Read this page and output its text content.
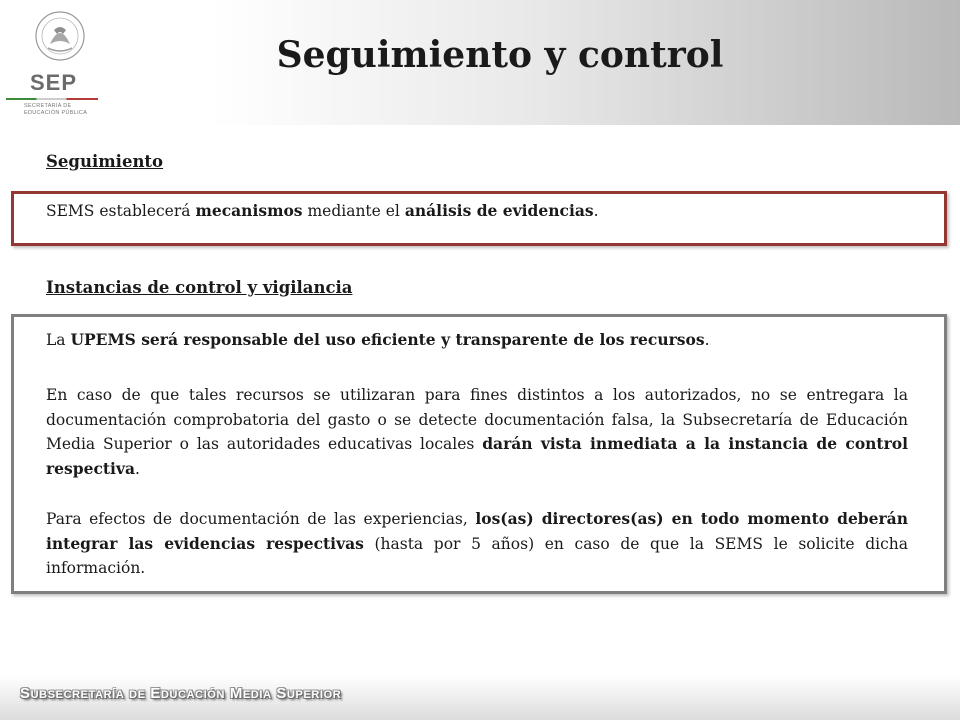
SEP
SECRETARÍA DE
EDUCACIÓN PÚBLICA
Seguimiento y control
Seguimiento
SEMS establecerá mecanismos mediante el análisis de evidencias.
Instancias de control y vigilancia
La UPEMS será responsable del uso eficiente y transparente de los recursos.
En caso de que tales recursos se utilizaran para fines distintos a los autorizados, no se entregara la documentación comprobatoria del gasto o se detecte documentación falsa, la Subsecretaría de Educación Media Superior o las autoridades educativas locales darán vista inmediata a la instancia de control respectiva.
Para efectos de documentación de las experiencias, los(as) directores(as) en todo momento deberán integrar las evidencias respectivas (hasta por 5 años) en caso de que la SEMS le solicite dicha información.
Subsecretaría de Educación Media Superior
